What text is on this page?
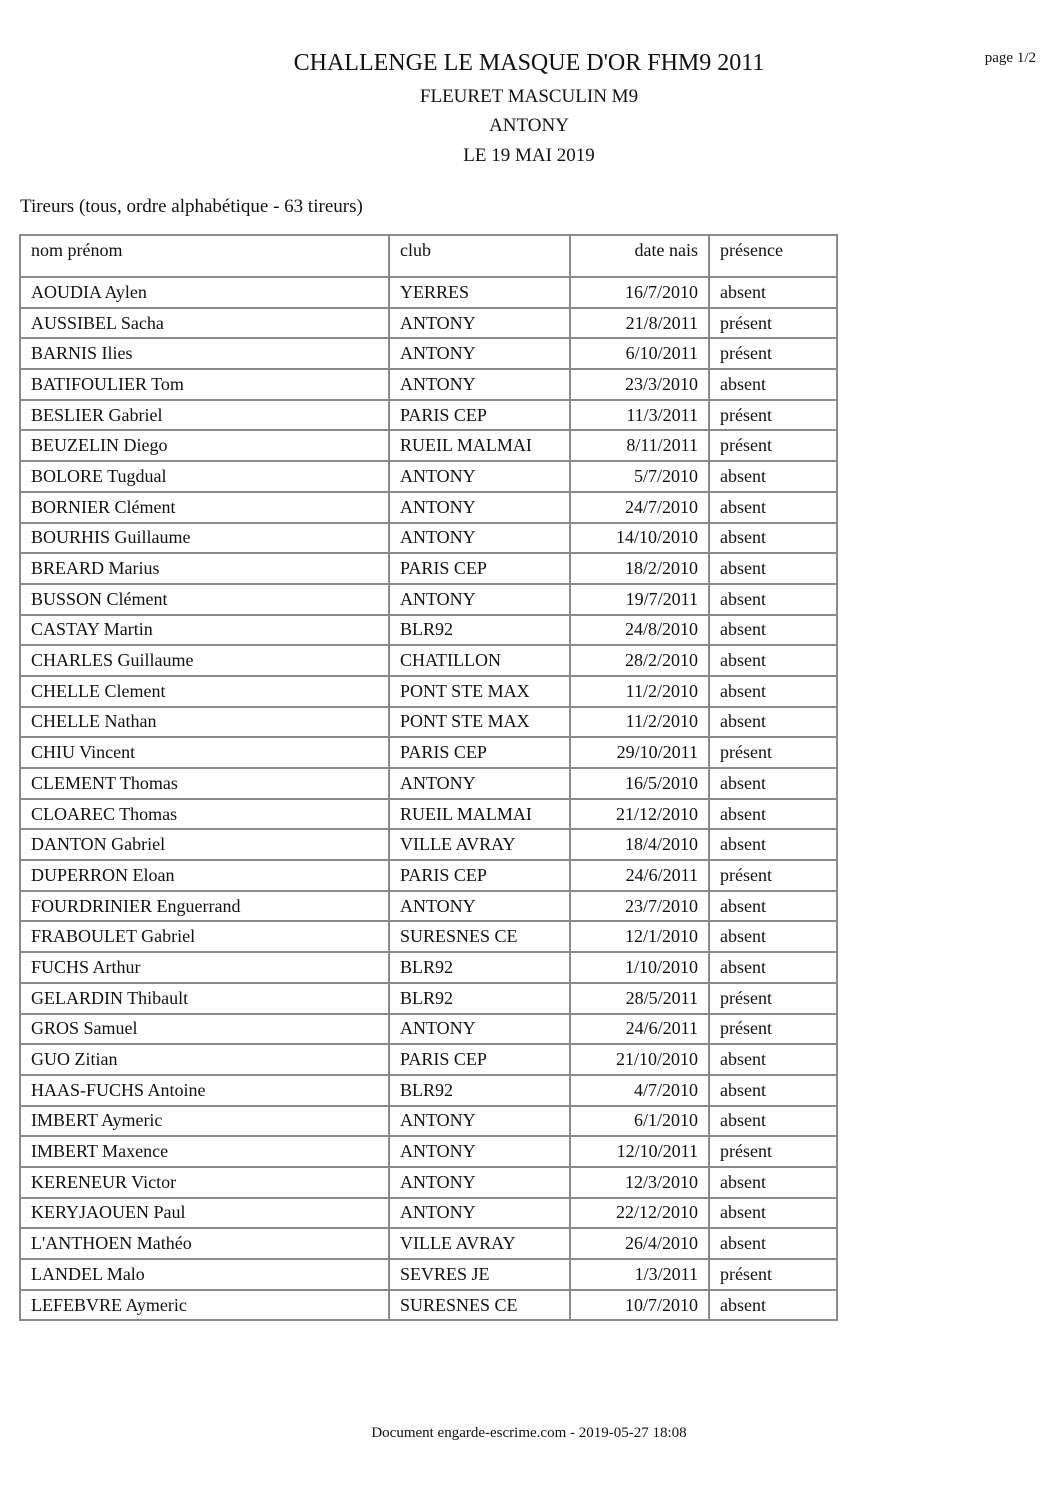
CHALLENGE LE MASQUE D'OR FHM9 2011
FLEURET MASCULIN M9
ANTONY
LE 19 MAI 2019
page 1/2
Tireurs (tous, ordre alphabétique - 63 tireurs)
nom prénom	club	date nais	présence
AOUDIA Aylen	YERRES	16/7/2010	absent
AUSSIBEL Sacha	ANTONY	21/8/2011	présent
BARNIS Ilies	ANTONY	6/10/2011	présent
BATIFOULIER Tom	ANTONY	23/3/2010	absent
BESLIER Gabriel	PARIS CEP	11/3/2011	présent
BEUZELIN Diego	RUEIL MALMAI	8/11/2011	présent
BOLORE Tugdual	ANTONY	5/7/2010	absent
BORNIER Clément	ANTONY	24/7/2010	absent
BOURHIS Guillaume	ANTONY	14/10/2010	absent
BREARD Marius	PARIS CEP	18/2/2010	absent
BUSSON Clément	ANTONY	19/7/2011	absent
CASTAY Martin	BLR92	24/8/2010	absent
CHARLES Guillaume	CHATILLON	28/2/2010	absent
CHELLE Clement	PONT STE MAX	11/2/2010	absent
CHELLE Nathan	PONT STE MAX	11/2/2010	absent
CHIU Vincent	PARIS CEP	29/10/2011	présent
CLEMENT Thomas	ANTONY	16/5/2010	absent
CLOAREC Thomas	RUEIL MALMAI	21/12/2010	absent
DANTON Gabriel	VILLE AVRAY	18/4/2010	absent
DUPERRON Eloan	PARIS CEP	24/6/2011	présent
FOURDRINIER Enguerrand	ANTONY	23/7/2010	absent
FRABOULET Gabriel	SURESNES CE	12/1/2010	absent
FUCHS Arthur	BLR92	1/10/2010	absent
GELARDIN Thibault	BLR92	28/5/2011	présent
GROS Samuel	ANTONY	24/6/2011	présent
GUO Zitian	PARIS CEP	21/10/2010	absent
HAAS-FUCHS Antoine	BLR92	4/7/2010	absent
IMBERT Aymeric	ANTONY	6/1/2010	absent
IMBERT Maxence	ANTONY	12/10/2011	présent
KERENEUR Victor	ANTONY	12/3/2010	absent
KERYJAOUEN Paul	ANTONY	22/12/2010	absent
L'ANTHOEN Mathéo	VILLE AVRAY	26/4/2010	absent
LANDEL Malo	SEVRES JE	1/3/2011	présent
LEFEBVRE Aymeric	SURESNES CE	10/7/2010	absent
Document engarde-escrime.com - 2019-05-27 18:08
